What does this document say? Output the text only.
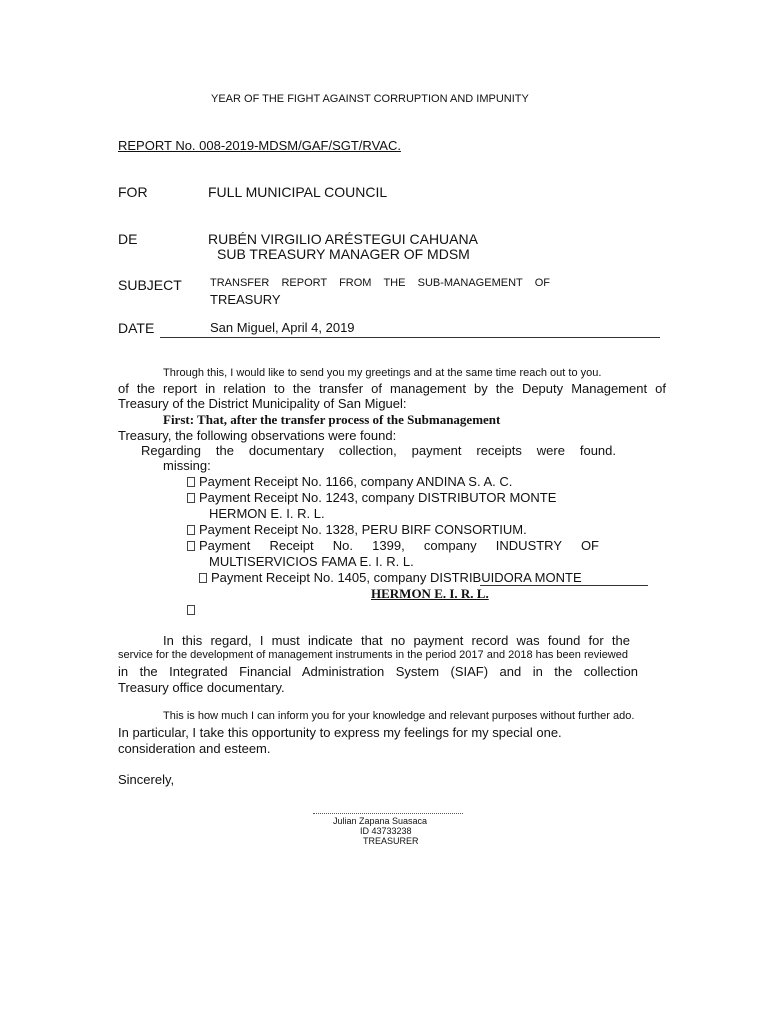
YEAR OF THE FIGHT AGAINST CORRUPTION AND IMPUNITY
REPORT No. 008-2019-MDSM/GAF/SGT/RVAC.
FOR	FULL MUNICIPAL COUNCIL
DE	RUBÉN VIRGILIO ARÉSTEGUI CAHUANA
SUB TREASURY MANAGER OF MDSM
SUBJECT	TRANSFER REPORT FROM THE SUB-MANAGEMENT OF
TREASURY
DATE	San Miguel, April 4, 2019
Through this, I would like to send you my greetings and at the same time reach out to you.
of the report in relation to the transfer of management by the Deputy Management of
Treasury of the District Municipality of San Miguel:
First: That, after the transfer process of the Submanagement
Treasury, the following observations were found:
Regarding the documentary collection, payment receipts were found.
missing:
Payment Receipt No. 1166, company ANDINA S. A. C.
Payment Receipt No. 1243, company DISTRIBUTOR MONTE
HERMON E. I. R. L.
Payment Receipt No. 1328, PERU BIRF CONSORTIUM.
Payment Receipt No. 1399, company INDUSTRY OF
MULTISERVICIOS FAMA E. I. R. L.
Payment Receipt No. 1405, company DISTRIBUIDORA MONTE
HERMON E. I. R. L.
In this regard, I must indicate that no payment record was found for the
service for the development of management instruments in the period 2017 and 2018 has been reviewed
in the Integrated Financial Administration System (SIAF) and in the collection
Treasury office documentary.
This is how much I can inform you for your knowledge and relevant purposes without further ado.
In particular, I take this opportunity to express my feelings for my special one.
consideration and esteem.
Sincerely,
Julian Zapana Suasaca
ID 43733238
TREASURER
